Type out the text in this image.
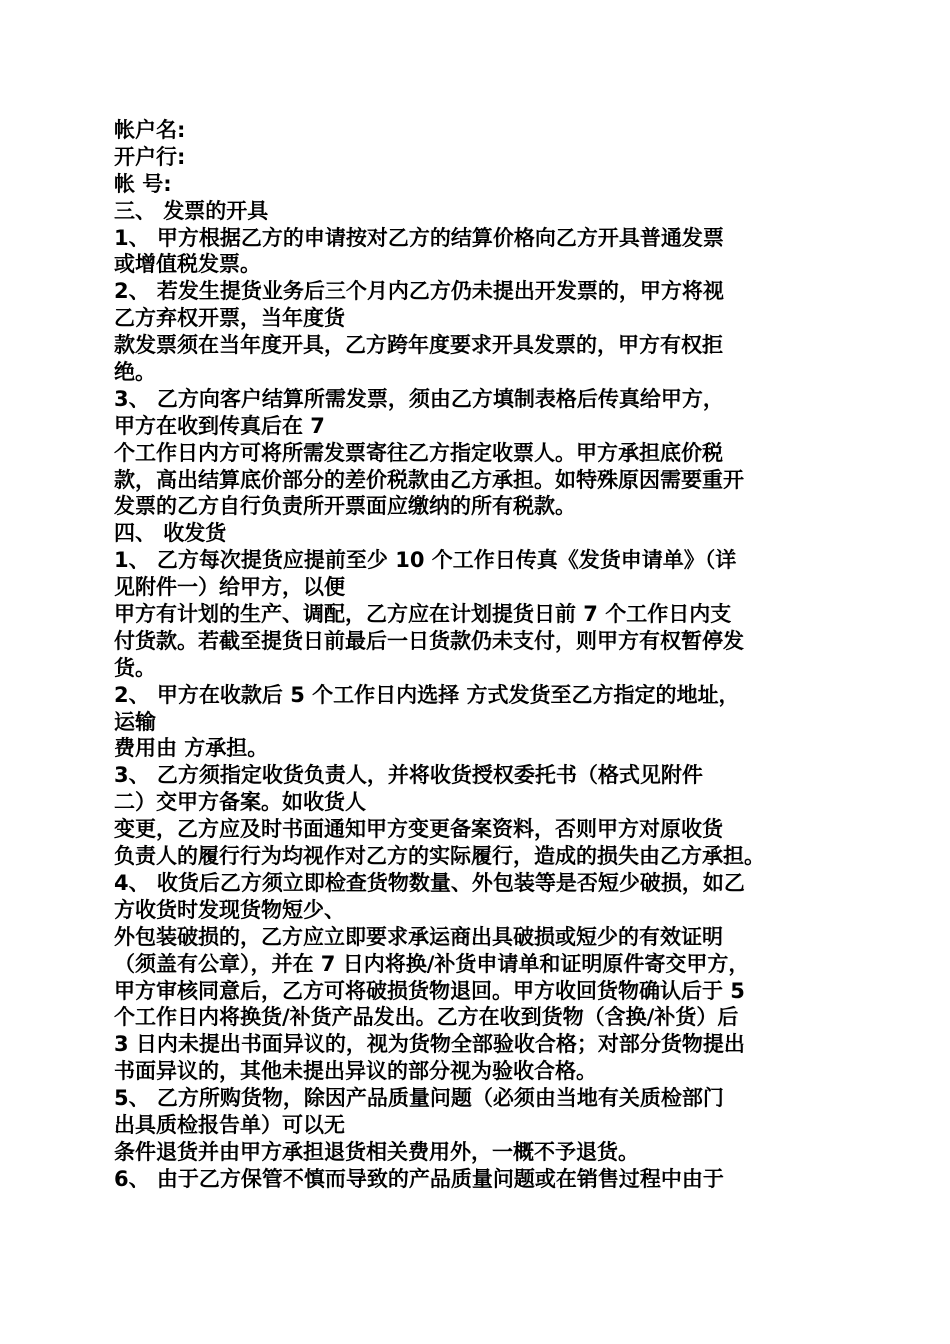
帐户名:
开户行:
帐 号:
三、 发票的开具
1、 甲方根据乙方的申请按对乙方的结算价格向乙方开具普通发票
或增值税发票。
2、 若发生提货业务后三个月内乙方仍未提出开发票的，甲方将视
乙方弃权开票，当年度货
款发票须在当年度开具，乙方跨年度要求开具发票的，甲方有权拒
绝。
3、 乙方向客户结算所需发票，须由乙方填制表格后传真给甲方，
甲方在收到传真后在 7
个工作日内方可将所需发票寄往乙方指定收票人。甲方承担底价税
款，高出结算底价部分的差价税款由乙方承担。如特殊原因需要重开
发票的乙方自行负责所开票面应缴纳的所有税款。
四、 收发货
1、 乙方每次提货应提前至少 10 个工作日传真《发货申请单》（详
见附件一）给甲方，以便
甲方有计划的生产、调配，乙方应在计划提货日前 7 个工作日内支
付货款。若截至提货日前最后一日货款仍未支付，则甲方有权暂停发
货。
2、 甲方在收款后 5 个工作日内选择 方式发货至乙方指定的地址，
运输
费用由 方承担。
3、 乙方须指定收货负责人，并将收货授权委托书（格式见附件
二）交甲方备案。如收货人
变更，乙方应及时书面通知甲方变更备案资料，否则甲方对原收货
负责人的履行行为均视作对乙方的实际履行，造成的损失由乙方承担。
4、 收货后乙方须立即检查货物数量、外包装等是否短少破损，如乙
方收货时发现货物短少、
外包装破损的，乙方应立即要求承运商出具破损或短少的有效证明
（须盖有公章），并在 7 日内将换/补货申请单和证明原件寄交甲方，
甲方审核同意后，乙方可将破损货物退回。甲方收回货物确认后于 5
个工作日内将换货/补货产品发出。乙方在收到货物（含换/补货）后
3 日内未提出书面异议的，视为货物全部验收合格；对部分货物提出
书面异议的，其他未提出异议的部分视为验收合格。
5、 乙方所购货物，除因产品质量问题（必须由当地有关质检部门
出具质检报告单）可以无
条件退货并由甲方承担退货相关费用外，一概不予退货。
6、 由于乙方保管不慎而导致的产品质量问题或在销售过程中由于
